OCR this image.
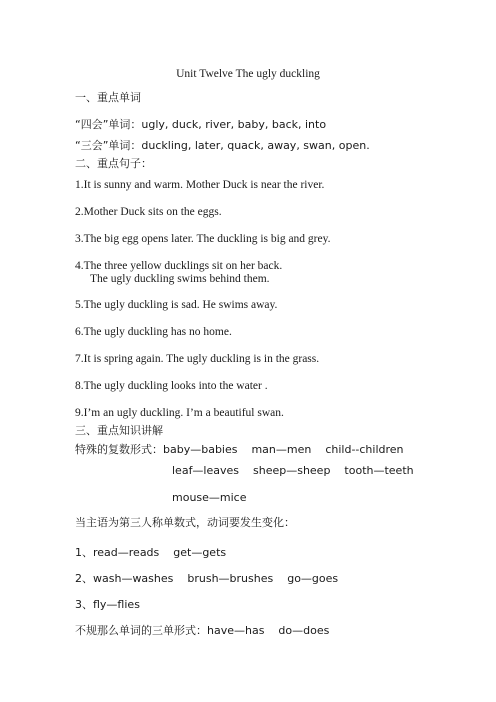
Unit Twelve The ugly duckling
一、重点单词
“四会”单词：ugly, duck, river, baby, back, into
“三会”单词：duckling, later, quack, away, swan, open.
二、重点句子：
1.It is sunny and warm. Mother Duck is near the river.
2.Mother Duck sits on the eggs.
3.The big egg opens later. The duckling is big and grey.
4.The three yellow ducklings sit on her back.
The ugly duckling swims behind them.
5.The ugly duckling is sad. He swims away.
6.The ugly duckling has no home.
7.It is spring again. The ugly duckling is in the grass.
8.The ugly duckling looks into the water .
9.I’m an ugly duckling. I’m a beautiful swan.
三、重点知识讲解
特殊的复数形式：baby—babies    man—men    child--children
leaf—leaves    sheep—sheep    tooth—teeth
mouse—mice
当主语为第三人称单数式，动词要发生变化：
1、read—reads    get—gets
2、wash—washes    brush—brushes    go—goes
3、fly—flies
不规那么单词的三单形式：have—has    do—does
